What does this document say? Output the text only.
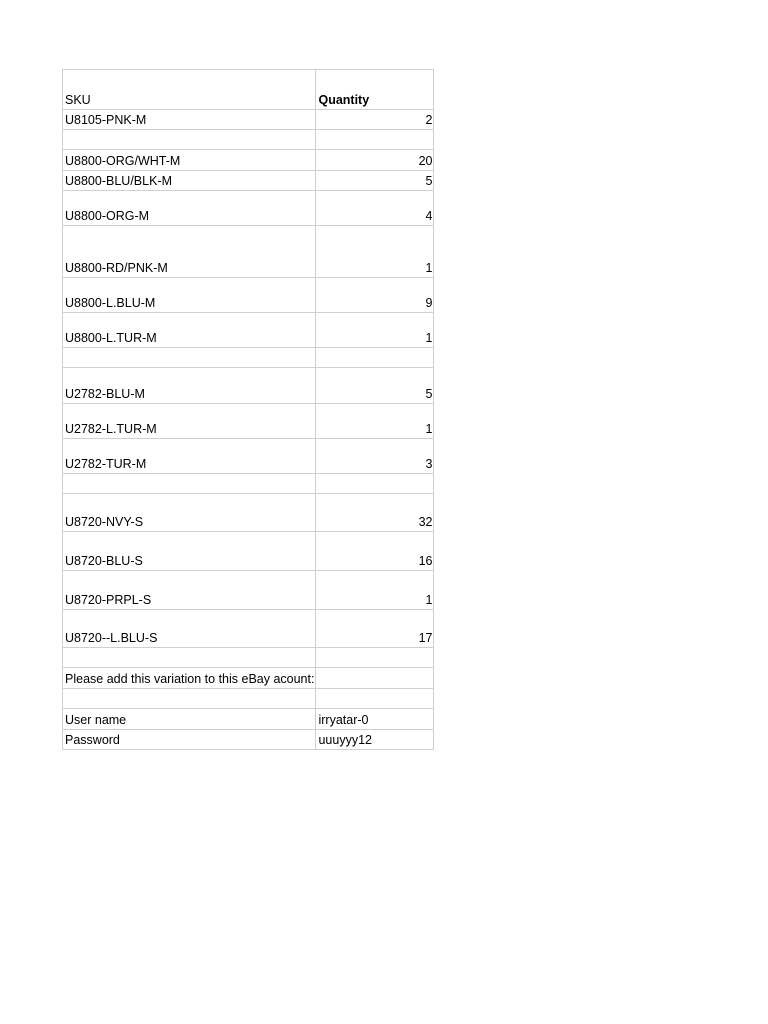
SKU	Quantity
U8105-PNK-M	2

U8800-ORG/WHT-M	20
U8800-BLU/BLK-M	5
U8800-ORG-M	4
U8800-RD/PNK-M	1
U8800-L.BLU-M	9
U8800-L.TUR-M	1

U2782-BLU-M	5
U2782-L.TUR-M	1
U2782-TUR-M	3

U8720-NVY-S	32
U8720-BLU-S	16
U8720-PRPL-S	1
U8720--L.BLU-S	17

Please add this variation to this eBay acount:	

User name	irryatar-0
Password	uuuyyy12
